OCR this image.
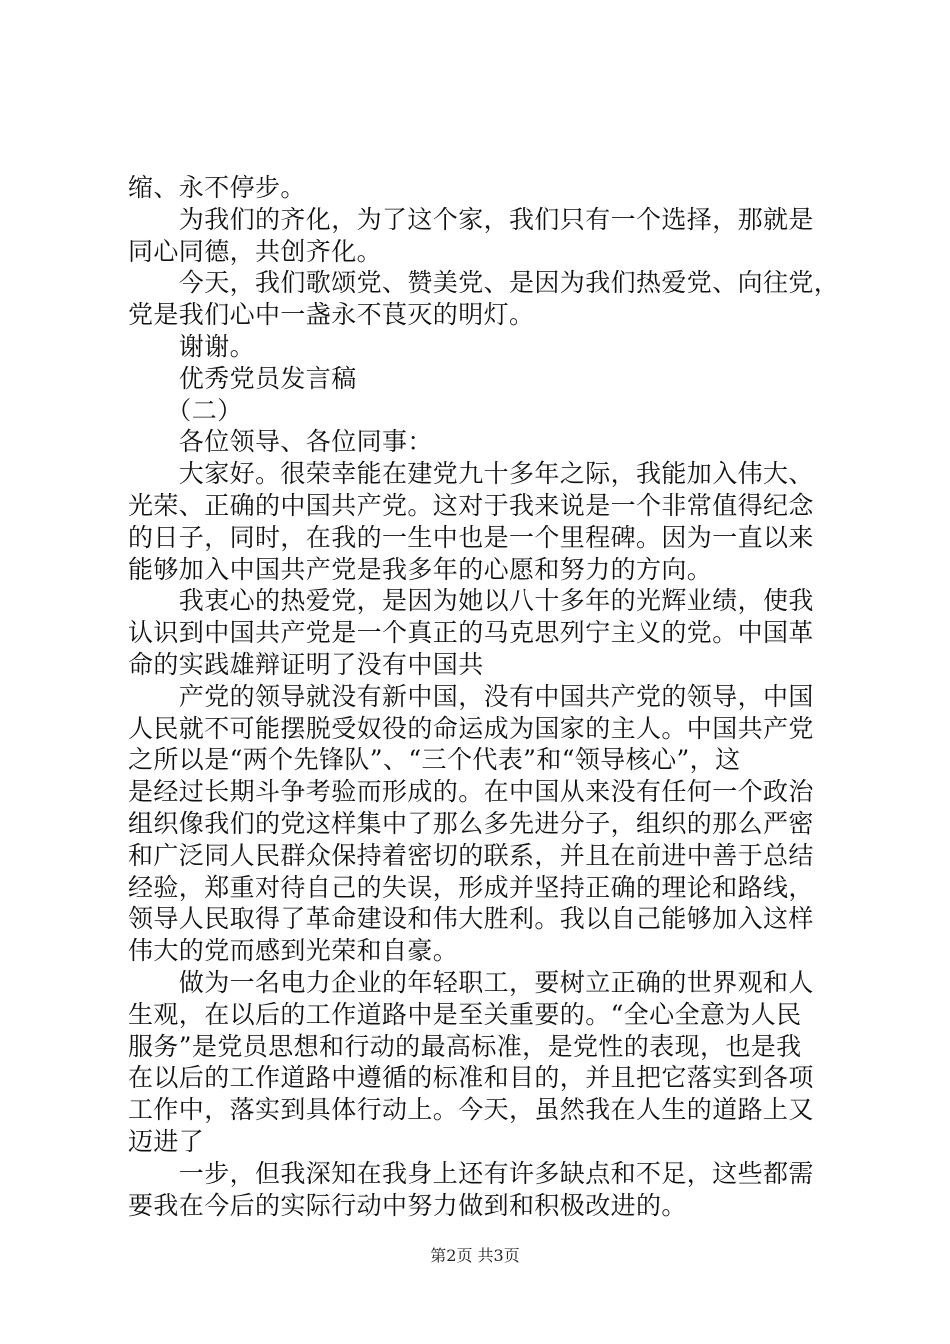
缩、永不停步。
　　为我们的齐化，为了这个家，我们只有一个选择，那就是
同心同德，共创齐化。
　　今天，我们歌颂党、赞美党、是因为我们热爱党、向往党，
党是我们心中一盏永不茛灭的明灯。
　　谢谢。
　　优秀党员发言稿
　　（二）
　　各位领导、各位同事：
　　大家好。很荣幸能在建党九十多年之际，我能加入伟大、
光荣、正确的中国共产党。这对于我来说是一个非常值得纪念
的日子，同时，在我的一生中也是一个里程碑。因为一直以来
能够加入中国共产党是我多年的心愿和努力的方向。
　　我衷心的热爱党，是因为她以八十多年的光辉业绩，使我
认识到中国共产党是一个真正的马克思列宁主义的党。中国革
命的实践雄辩证明了没有中国共
　　产党的领导就没有新中国，没有中国共产党的领导，中国
人民就不可能摆脱受奴役的命运成为国家的主人。中国共产党
之所以是“两个先锋队”、“三个代表”和“领导核心”，这
是经过长期斗争考验而形成的。在中国从来没有任何一个政治
组织像我们的党这样集中了那么多先进分子，组织的那么严密
和广泛同人民群众保持着密切的联系，并且在前进中善于总结
经验，郑重对待自己的失误，形成并坚持正确的理论和路线，
领导人民取得了革命建设和伟大胜利。我以自己能够加入这样
伟大的党而感到光荣和自豪。
　　做为一名电力企业的年轻职工，要树立正确的世界观和人
生观，在以后的工作道路中是至关重要的。“全心全意为人民
服务”是党员思想和行动的最高标准，是党性的表现，也是我
在以后的工作道路中遵循的标准和目的，并且把它落实到各项
工作中，落实到具体行动上。今天，虽然我在人生的道路上又
迈进了
　　一步，但我深知在我身上还有许多缺点和不足，这些都需
要我在今后的实际行动中努力做到和积极改进的。
第2页 共3页
